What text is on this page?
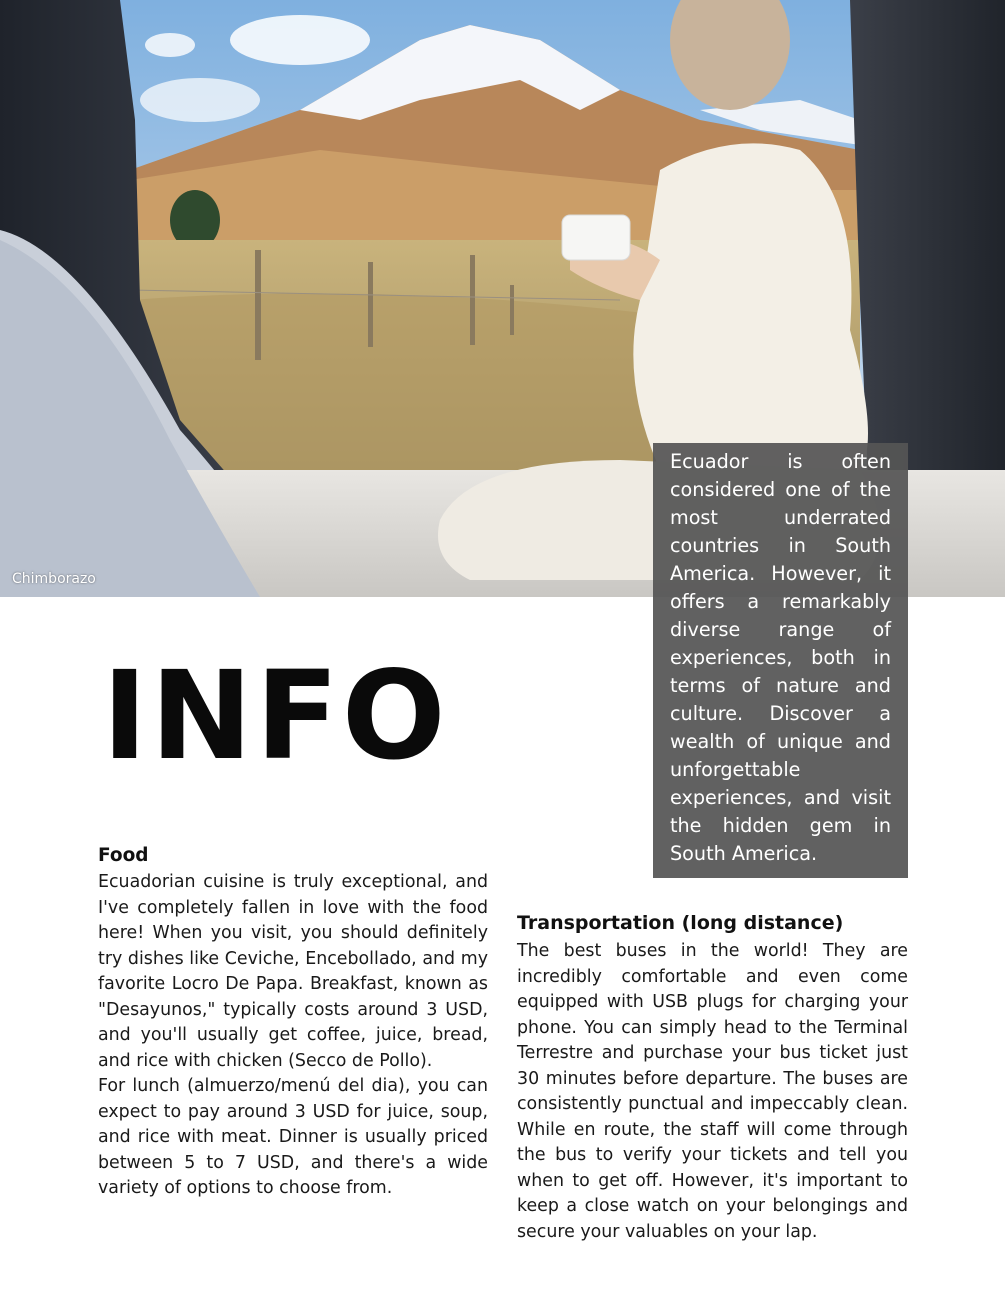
Chimborazo

Ecuador is often considered one of the most underrated countries in South America. However, it offers a remarkably diverse range of experiences, both in terms of nature and culture. Discover a wealth of unique and unforgettable experiences, and visit the hidden gem in South America.

INFO
Food

Ecuadorian cuisine is truly exceptional, and I've completely fallen in love with the food here! When you visit, you should definitely try dishes like Ceviche, Encebollado, and my favorite Locro De Papa. Breakfast, known as "Desayunos," typically costs around 3 USD, and you'll usually get coffee, juice, bread, and rice with chicken (Secco de Pollo).

For lunch (almuerzo/menú del dia), you can expect to pay around 3 USD for juice, soup, and rice with meat. Dinner is usually priced between 5 to 7 USD, and there's a wide variety of options to choose from.

Transportation (long distance)

The best buses in the world! They are incredibly comfortable and even come equipped with USB plugs for charging your phone. You can simply head to the Terminal Terrestre and purchase your bus ticket just 30 minutes before departure. The buses are consistently punctual and impeccably clean. While en route, the staff will come through the bus to verify your tickets and tell you when to get off. However, it's important to keep a close watch on your belongings and secure your valuables on your lap.
